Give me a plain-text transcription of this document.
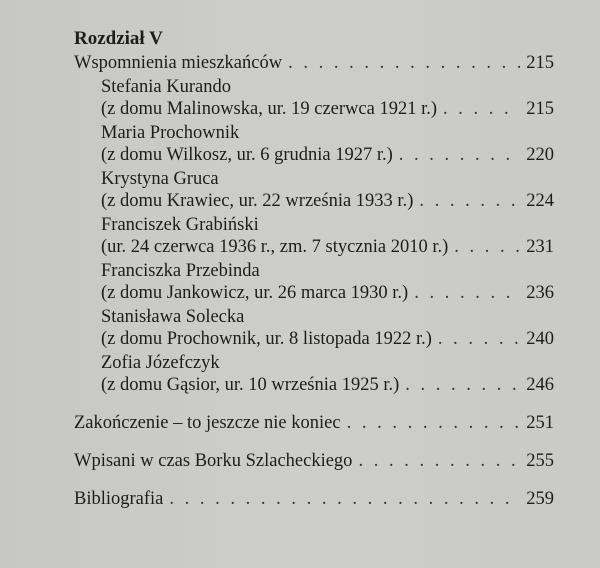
Rozdział V
Wspomnienia mieszkańców . . .	215
Stefania Kurando
(z domu Malinowska, ur. 19 czerwca 1921 r.) . . .	215
Maria Prochownik
(z domu Wilkosz, ur. 6 grudnia 1927 r.) . . .	220
Krystyna Gruca
(z domu Krawiec, ur. 22 września 1933 r.) . . .	224
Franciszek Grabiński
(ur. 24 czerwca 1936 r., zm. 7 stycznia 2010 r.) . . .	231
Franciszka Przebinda
(z domu Jankowicz, ur. 26 marca 1930 r.) . . .	236
Stanisława Solecka
(z domu Prochownik, ur. 8 listopada 1922 r.) . . .	240
Zofia Józefczyk
(z domu Gąsior, ur. 10 września 1925 r.) . . .	246
Zakończenie – to jeszcze nie koniec . . .	251
Wpisani w czas Borku Szlacheckiego . . .	255
Bibliografia . . .	259
